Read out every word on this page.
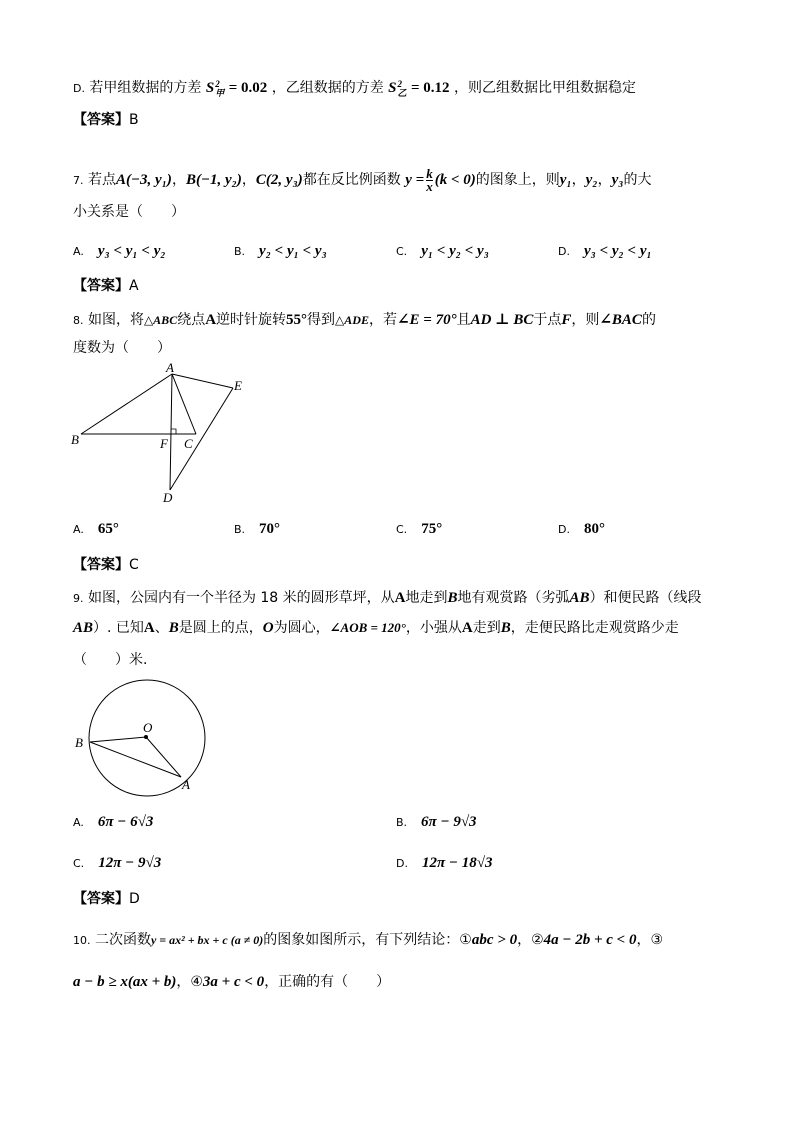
D. 若甲组数据的方差 S 2
甲 = 0.02 ，乙组数据的方差 S 2
乙 = 0.12 ，则乙组数据比甲组数据稳定
【答案】B
7. 若点A(−3, y₁)，B(−1, y₂)，C(2, y₃)都在反比例函数 $y = \frac{k}{x} (k < 0)$的图象上，则y₁，y₂，y₃的大
小关系是（　　）
A. y₃ < y₁ < y₂	B. y₂ < y₁ < y₃	C. y₁ < y₂ < y₃	D. y₃ < y₂ < y₁
【答案】A
8. 如图，将△ABC绕点A逆时针旋转55°得到△ADE，若∠E = 70°且AD ⊥ BC于点F，则∠BAC的
度数为（　　）
A
B	C
D
E
F
A. 65°	B. 70°	C. 75°	D. 80°
【答案】C
9. 如图，公园内有一个半径为 18 米的圆形草坪，从A地走到B地有观赏路（劣弧AB）和便民路（线段
AB）. 已知A、B是圆上的点，O为圆心，∠AOB = 120°，小强从A走到B，走便民路比走观赏路少走
（　　）米.
O
B
A
A. 6π − 6√3	B. 6π − 9√3
C. 12π − 9√3	D. 12π − 18√3
【答案】D
10. 二次函数y = ax² + bx + c (a ≠ 0)的图象如图所示，有下列结论：①abc > 0，②4a − 2b + c < 0，③
a − b ≥ x(ax + b)，④3a + c < 0，正确的有（　　）
